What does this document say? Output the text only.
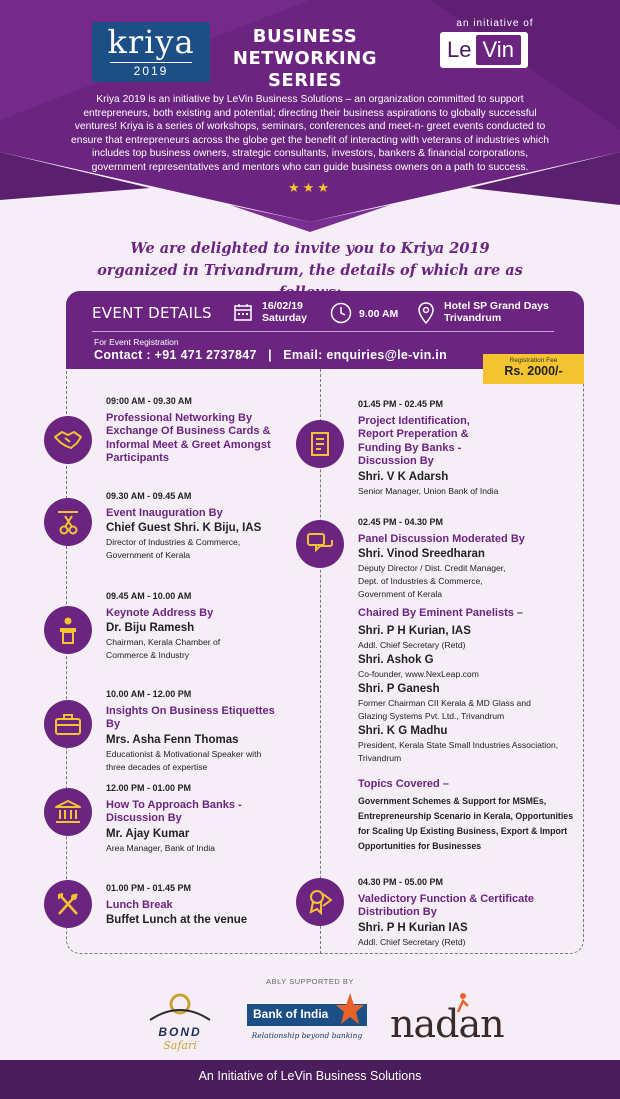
kriya
2019
BUSINESS NETWORKING SERIES
an initiative of
Le Vin
Kriya 2019 is an initiative by LeVin Business Solutions – an organization committed to support entrepreneurs, both existing and potential; directing their business aspirations to globally successful ventures! Kriya is a series of workshops, seminars, conferences and meet-n- greet events conducted to ensure that entrepreneurs across the globe get the benefit of interacting with veterans of industries which includes top business owners, strategic consultants, investors, bankers & financial corporations, government representatives and mentors who can guide business owners on a path to success.
★★★
We are delighted to invite you to Kriya 2019
organized in Trivandrum, the details of which are as
EVENT DETAILS	16/02/19
Saturday	9.00 AM
Hotel SP Grand Days
Trivandrum
For Event Registration
Contact : +91 471 2737847   |   Email: enquiries@le-vin.in	Registration Fee
Rs. 2000/-
09:00 AM - 09.30 AM
Professional Networking By Exchange Of Business Cards & Informal Meet & Greet Amongst Participants
09.30 AM - 09.45 AM
Event Inauguration By
Chief Guest Shri. K Biju, IAS
Director of Industries & Commerce, Government of Kerala
09.45 AM - 10.00 AM
Keynote Address By
Dr. Biju Ramesh
Chairman, Kerala Chamber of Commerce & Industry
10.00 AM - 12.00 PM
Insights On Business Etiquettes By
Mrs. Asha Fenn Thomas
Educationist & Motivational Speaker with three decades of expertise
12.00 PM - 01.00 PM
How To Approach Banks - Discussion By
Mr. Ajay Kumar
Area Manager, Bank of India
01.00 PM - 01.45 PM
Lunch Break
Buffet Lunch at the venue
01.45 PM - 02.45 PM
Project Identification, Report Preperation & Funding By Banks - Discussion By
Shri. V K Adarsh
Senior Manager, Union Bank of India
02.45 PM - 04.30 PM
Panel Discussion Moderated By
Shri. Vinod Sreedharan
Deputy Director / Dist. Credit Manager, Dept. of Industries & Commerce, Government of Kerala
Chaired By Eminent Panelists –
Shri. P H Kurian, IAS
Addl. Chief Secretary (Retd)
Shri. Ashok G
Co-founder, www.NexLeap.com
Shri. P Ganesh
Former Chairman CII Kerala & MD Glass and Glazing Systems Pvt. Ltd., Trivandrum
Shri. K G Madhu
President, Kerala State Small Industries Association, Trivandrum
Topics Covered –
Government Schemes & Support for MSMEs, Entrepreneurship Scenario in Kerala, Opportunities for Scaling Up Existing Business, Export & Import Opportunities for Businesses
04.30 PM - 05.00 PM
Valedictory Function & Certificate Distribution By
Shri. P H Kurian IAS
Addl. Chief Secretary (Retd)
ABLY SUPPORTED BY
BOND
Safari
Bank of India
Relationship beyond banking nadan
An Initiative of LeVin Business Solutions
